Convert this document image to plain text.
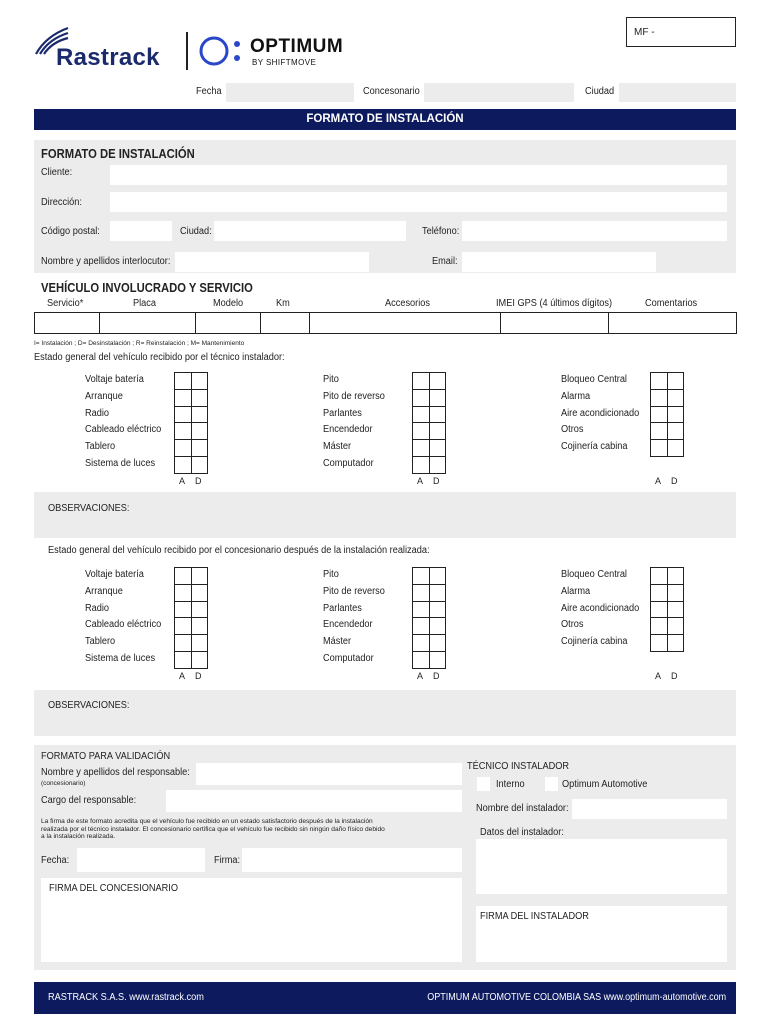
Rastrack	OPTIMUM
BY SHIFTMOVE
MF -
Fecha	Concesonario	Ciudad
FORMATO DE INSTALACIÓN
FORMATO DE INSTALACIÓN
Cliente:
Dirección:
Código postal:	Ciudad:	Teléfono:
Nombre y apellidos interlocutor:	Email:
VEHÍCULO INVOLUCRADO Y SERVICIO
Servicio*	Placa	Modelo	Km	Accesorios	IMEI GPS (4 últimos dígitos)	Comentarios
I= Instalación ; D= Desinstalación ; R= Reinstalación ; M= Mantenimiento
Estado general del vehículo recibido por el técnico instalador:
Voltaje batería
Arranque
Radio
Cableado eléctrico
Tablero
Sistema de luces
A D
Pito
Pito de reverso
Parlantes
Encendedor
Máster
Computador
A D
Bloqueo Central
Alarma
Aire acondicionado
Otros
Cojinería cabina
A D
OBSERVACIONES:
Estado general del vehículo recibido por el concesionario después de la instalación realizada:
Voltaje batería
Arranque
Radio
Cableado eléctrico
Tablero
Sistema de luces
A D
Pito
Pito de reverso
Parlantes
Encendedor
Máster
Computador
A D
Bloqueo Central
Alarma
Aire acondicionado
Otros
Cojinería cabina
A D
OBSERVACIONES:
FORMATO PARA VALIDACIÓN
Nombre y apellidos del responsable:
(concesionario)
Cargo del responsable:
La firma de este formato acredita que el vehículo fue recibido en un estado satisfactorio después de la instalación realizada por el técnico instalador. El concesionario certifica que el vehículo fue recibido sin ningún daño físico debido a la instalación realizada.
Fecha:	Firma:
FIRMA DEL CONCESIONARIO
TÉCNICO INSTALADOR
Interno	Optimum Automotive
Nombre del instalador:
Datos del instalador:
FIRMA DEL INSTALADOR
RASTRACK S.A.S. www.rastrack.com	OPTIMUM AUTOMOTIVE COLOMBIA SAS www.optimum-automotive.com
